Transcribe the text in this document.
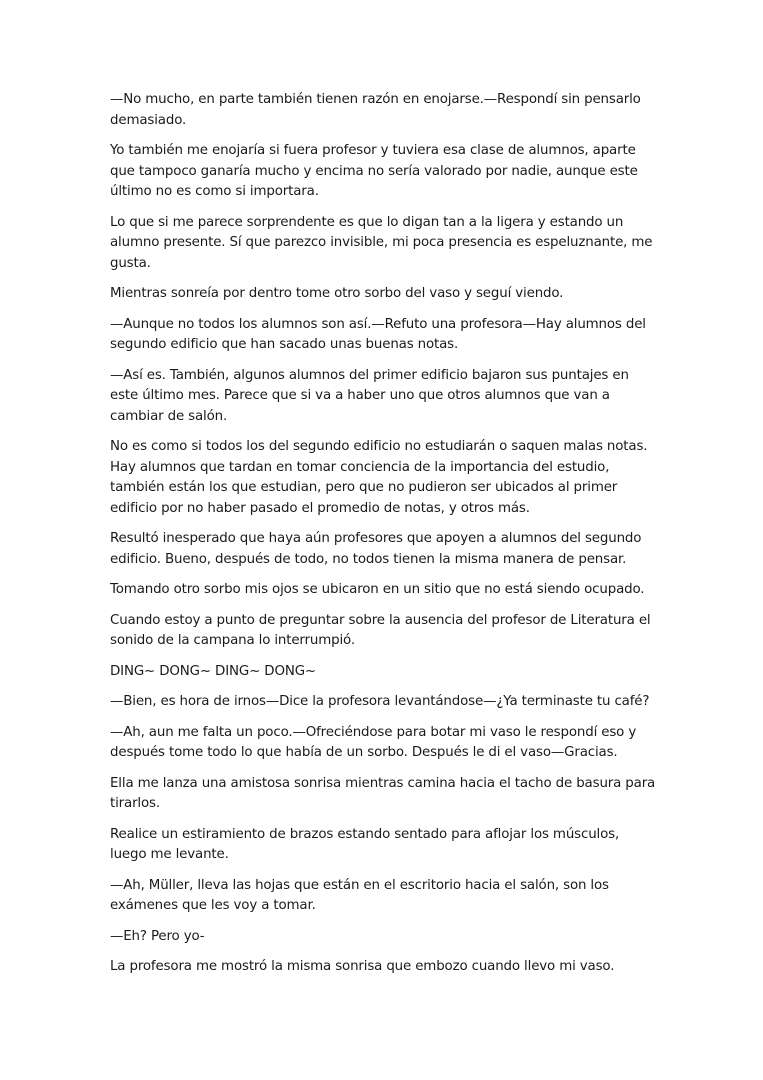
—No mucho, en parte también tienen razón en enojarse.—Respondí sin pensarlo demasiado.

Yo también me enojaría si fuera profesor y tuviera esa clase de alumnos, aparte que tampoco ganaría mucho y encima no sería valorado por nadie, aunque este último no es como si importara.

Lo que si me parece sorprendente es que lo digan tan a la ligera y estando un alumno presente. Sí que parezco invisible, mi poca presencia es espeluznante, me gusta.

Mientras sonreía por dentro tome otro sorbo del vaso y seguí viendo.

—Aunque no todos los alumnos son así.—Refuto una profesora—Hay alumnos del segundo edificio que han sacado unas buenas notas.

—Así es. También, algunos alumnos del primer edificio bajaron sus puntajes en este último mes. Parece que si va a haber uno que otros alumnos que van a cambiar de salón.

No es como si todos los del segundo edificio no estudiarán o saquen malas notas. Hay alumnos que tardan en tomar conciencia de la importancia del estudio, también están los que estudian, pero que no pudieron ser ubicados al primer edificio por no haber pasado el promedio de notas, y otros más.

Resultó inesperado que haya aún profesores que apoyen a alumnos del segundo edificio. Bueno, después de todo, no todos tienen la misma manera de pensar.

Tomando otro sorbo mis ojos se ubicaron en un sitio que no está siendo ocupado.

Cuando estoy a punto de preguntar sobre la ausencia del profesor de Literatura el sonido de la campana lo interrumpió.

DING~ DONG~ DING~ DONG~

—Bien, es hora de irnos—Dice la profesora levantándose—¿Ya terminaste tu café?

—Ah, aun me falta un poco.—Ofreciéndose para botar mi vaso le respondí eso y después tome todo lo que había de un sorbo. Después le di el vaso—Gracias.

Ella me lanza una amistosa sonrisa mientras camina hacia el tacho de basura para tirarlos.

Realice un estiramiento de brazos estando sentado para aflojar los músculos, luego me levante.

—Ah, Müller, lleva las hojas que están en el escritorio hacia el salón, son los exámenes que les voy a tomar.

—Eh? Pero yo-

La profesora me mostró la misma sonrisa que embozo cuando llevo mi vaso.
